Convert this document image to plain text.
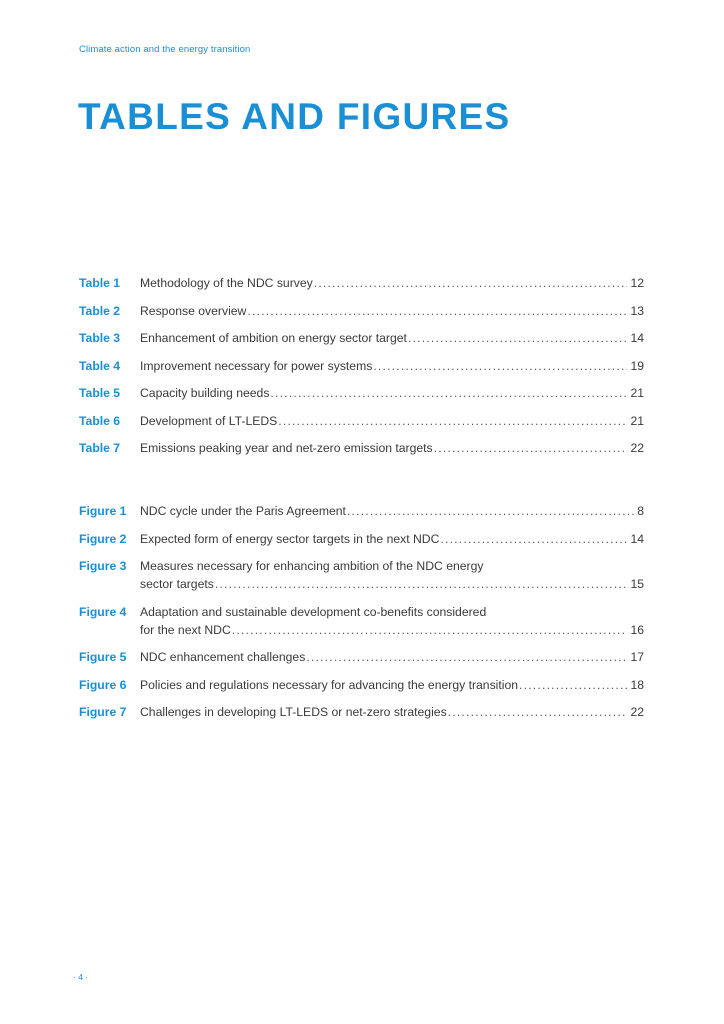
Climate action and the energy transition
TABLES AND FIGURES
Table 1	Methodology of the NDC survey .....	12
Table 2	Response overview .....	13
Table 3	Enhancement of ambition on energy sector target .....	14
Table 4	Improvement necessary for power systems .....	19
Table 5	Capacity building needs .....	21
Table 6	Development of LT-LEDS .....	21
Table 7	Emissions peaking year and net-zero emission targets .....	22
Figure 1	NDC cycle under the Paris Agreement .....	8
Figure 2	Expected form of energy sector targets in the next NDC .....	14
Figure 3	Measures necessary for enhancing ambition of the NDC energy
sector targets .....	15
Figure 4	Adaptation and sustainable development co-benefits considered
for the next NDC .....	16
Figure 5	NDC enhancement challenges .....	17
Figure 6	Policies and regulations necessary for advancing the energy transition .....	18
Figure 7	Challenges in developing LT-LEDS or net-zero strategies .....	22
· 4 ·
